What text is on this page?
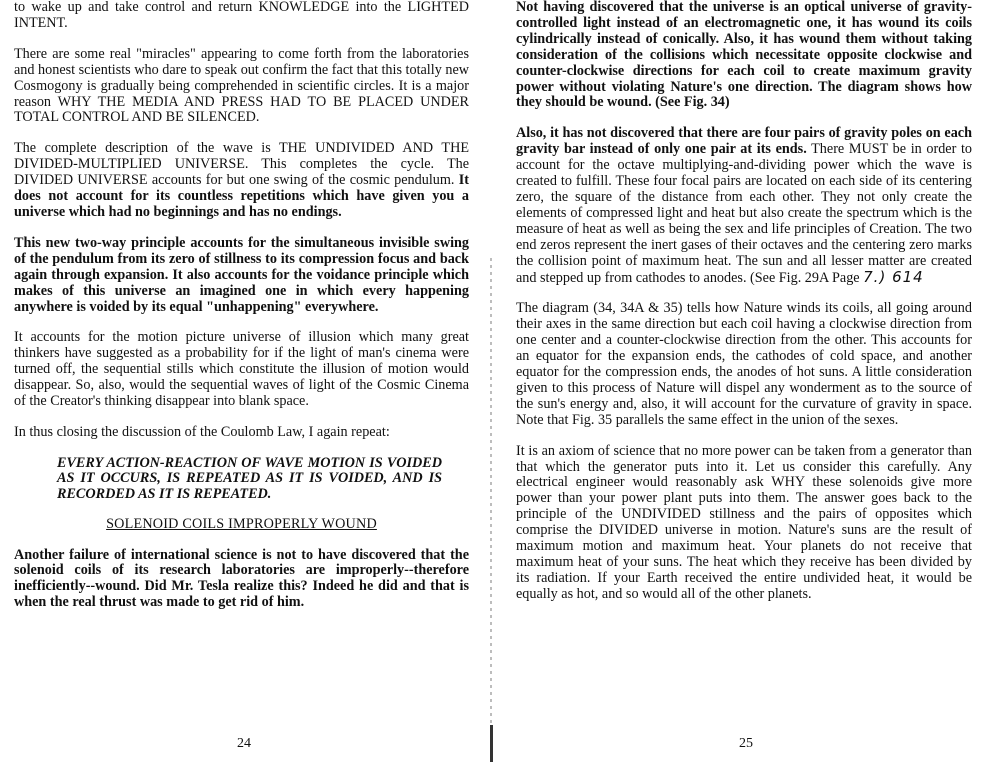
to wake up and take control and return KNOWLEDGE into the LIGHTED INTENT.

There are some real "miracles" appearing to come forth from the laboratories and honest scientists who dare to speak out confirm the fact that this totally new Cosmogony is gradually being comprehended in scientific circles. It is a major reason WHY THE MEDIA AND PRESS HAD TO BE PLACED UNDER TOTAL CONTROL AND BE SILENCED.

The complete description of the wave is THE UNDIVIDED AND THE DIVIDED-MULTIPLIED UNIVERSE. This completes the cycle. The DIVIDED UNIVERSE accounts for but one swing of the cosmic pendulum. It does not account for its countless repetitions which have given you a universe which had no beginnings and has no endings.

This new two-way principle accounts for the simultaneous invisible swing of the pendulum from its zero of stillness to its compression focus and back again through expansion. It also accounts for the voidance principle which makes of this universe an imagined one in which every happening anywhere is voided by its equal "unhappening" everywhere.

It accounts for the motion picture universe of illusion which many great thinkers have suggested as a probability for if the light of man's cinema were turned off, the sequential stills which constitute the illusion of motion would disappear. So, also, would the sequential waves of light of the Cosmic Cinema of the Creator's thinking disappear into blank space.

In thus closing the discussion of the Coulomb Law, I again repeat:

EVERY ACTION-REACTION OF WAVE MOTION IS VOIDED AS IT OCCURS, IS REPEATED AS IT IS VOIDED, AND IS RECORDED AS IT IS REPEATED.

SOLENOID COILS IMPROPERLY WOUND

Another failure of international science is not to have discovered that the solenoid coils of its research laboratories are improperly--therefore inefficiently--wound. Did Mr. Tesla realize this? Indeed he did and that is when the real thrust was made to get rid of him.

24

Not having discovered that the universe is an optical universe of gravity-controlled light instead of an electromagnetic one, it has wound its coils cylindrically instead of conically. Also, it has wound them without taking consideration of the collisions which necessitate opposite clockwise and counter-clockwise directions for each coil to create maximum gravity power without violating Nature's one direction. The diagram shows how they should be wound. (See Fig. 34)

Also, it has not discovered that there are four pairs of gravity poles on each gravity bar instead of only one pair at its ends. There MUST be in order to account for the octave multiplying-and-dividing power which the wave is created to fulfill. These four focal pairs are located on each side of its centering zero, the square of the distance from each other. They not only create the elements of compressed light and heat but also create the spectrum which is the measure of heat as well as being the sex and life principles of Creation. The two end zeros represent the inert gases of their octaves and the centering zero marks the collision point of maximum heat. The sun and all lesser matter are created and stepped up from cathodes to anodes. (See Fig. 29A Page 7.) 614

The diagram (34, 34A & 35) tells how Nature winds its coils, all going around their axes in the same direction but each coil having a clockwise direction from one center and a counter-clockwise direction from the other. This accounts for an equator for the expansion ends, the cathodes of cold space, and another equator for the compression ends, the anodes of hot suns. A little consideration given to this process of Nature will dispel any wonderment as to the source of the sun's energy and, also, it will account for the curvature of gravity in space. Note that Fig. 35 parallels the same effect in the union of the sexes.

It is an axiom of science that no more power can be taken from a generator than that which the generator puts into it. Let us consider this carefully. Any electrical engineer would reasonably ask WHY these solenoids give more power than your power plant puts into them. The answer goes back to the principle of the UNDIVIDED stillness and the pairs of opposites which comprise the DIVIDED universe in motion. Nature's suns are the result of maximum motion and maximum heat. Your planets do not receive that maximum heat of your suns. The heat which they receive has been divided by its radiation. If your Earth received the entire undivided heat, it would be equally as hot, and so would all of the other planets.

25
